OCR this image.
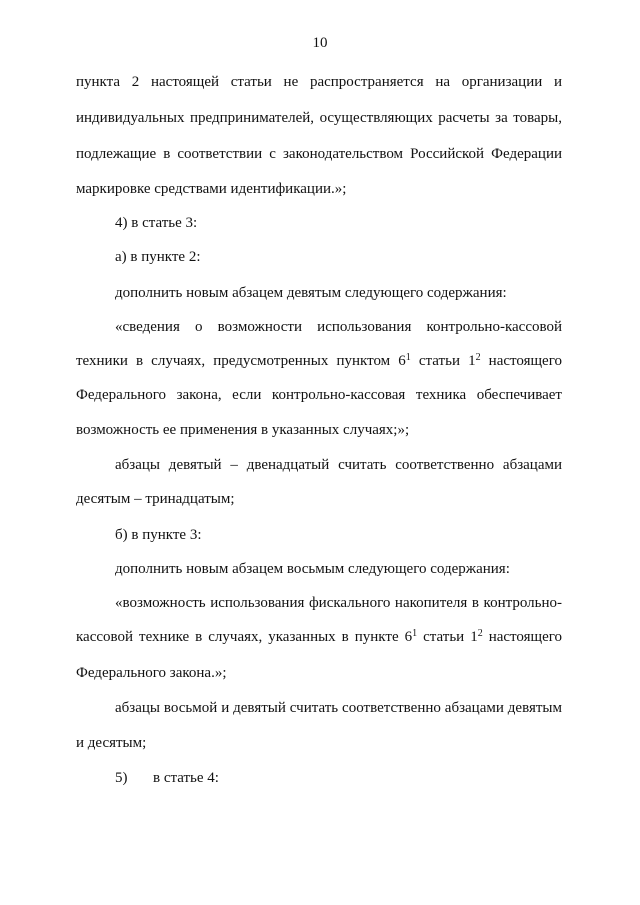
10
пункта 2 настоящей статьи не распространяется на организации и
индивидуальных предпринимателей, осуществляющих расчеты за товары,
подлежащие в соответствии с законодательством Российской Федерации
маркировке средствами идентификации.»;
4) в статье 3:
а) в пункте 2:
дополнить новым абзацем девятым следующего содержания:
«сведения о возможности использования контрольно-кассовой
техники в случаях, предусмотренных пунктом $6^1$ статьи $1^2$ настоящего
Федерального закона, если контрольно-кассовая техника обеспечивает
возможность ее применения в указанных случаях;»;
абзацы девятый – двенадцатый считать соответственно абзацами
десятым – тринадцатым;
б) в пункте 3:
дополнить новым абзацем восьмым следующего содержания:
«возможность использования фискального накопителя в контрольно-
кассовой технике в случаях, указанных в пункте $6^1$ статьи $1^2$ настоящего
Федерального закона.»;
абзацы восьмой и девятый считать соответственно абзацами девятым
и десятым;
5) в статье 4:
